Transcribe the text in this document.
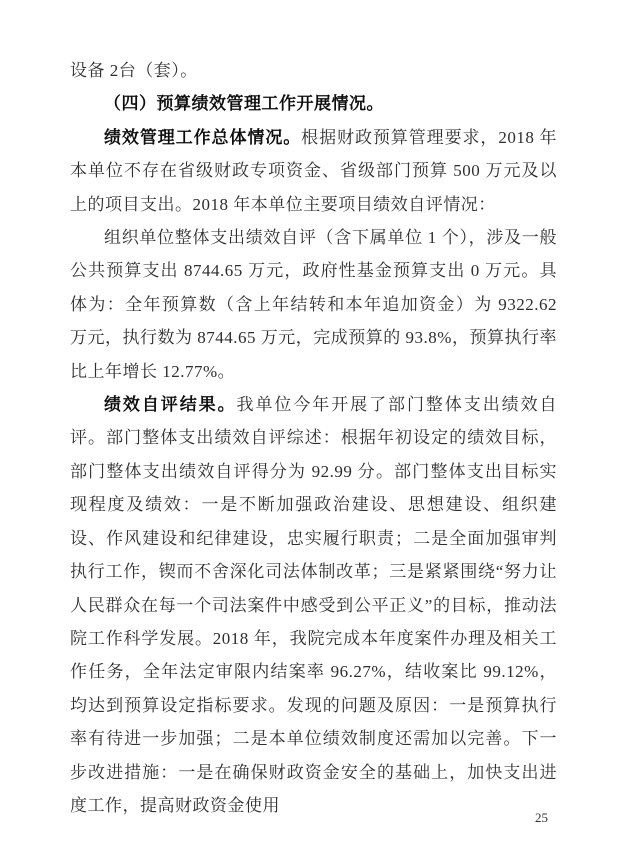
设备 2台（套）。

（四）预算绩效管理工作开展情况。

绩效管理工作总体情况。根据财政预算管理要求，2018 年本单位不存在省级财政专项资金、省级部门预算 500 万元及以上的项目支出。2018 年本单位主要项目绩效自评情况：

组织单位整体支出绩效自评（含下属单位 1 个），涉及一般公共预算支出 8744.65 万元，政府性基金预算支出 0 万元。具体为：全年预算数（含上年结转和本年追加资金）为 9322.62 万元，执行数为 8744.65 万元，完成预算的 93.8%，预算执行率比上年增长 12.77%。

绩效自评结果。我单位今年开展了部门整体支出绩效自评。部门整体支出绩效自评综述：根据年初设定的绩效目标，部门整体支出绩效自评得分为 92.99 分。部门整体支出目标实现程度及绩效：一是不断加强政治建设、思想建设、组织建设、作风建设和纪律建设，忠实履行职责；二是全面加强审判执行工作，锲而不舍深化司法体制改革；三是紧紧围绕“努力让人民群众在每一个司法案件中感受到公平正义”的目标，推动法院工作科学发展。2018 年，我院完成本年度案件办理及相关工作任务，全年法定审限内结案率 96.27%，结收案比 99.12%，均达到预算设定指标要求。发现的问题及原因：一是预算执行率有待进一步加强；二是本单位绩效制度还需加以完善。下一步改进措施：一是在确保财政资金安全的基础上，加快支出进度工作，提高财政资金使用

25
